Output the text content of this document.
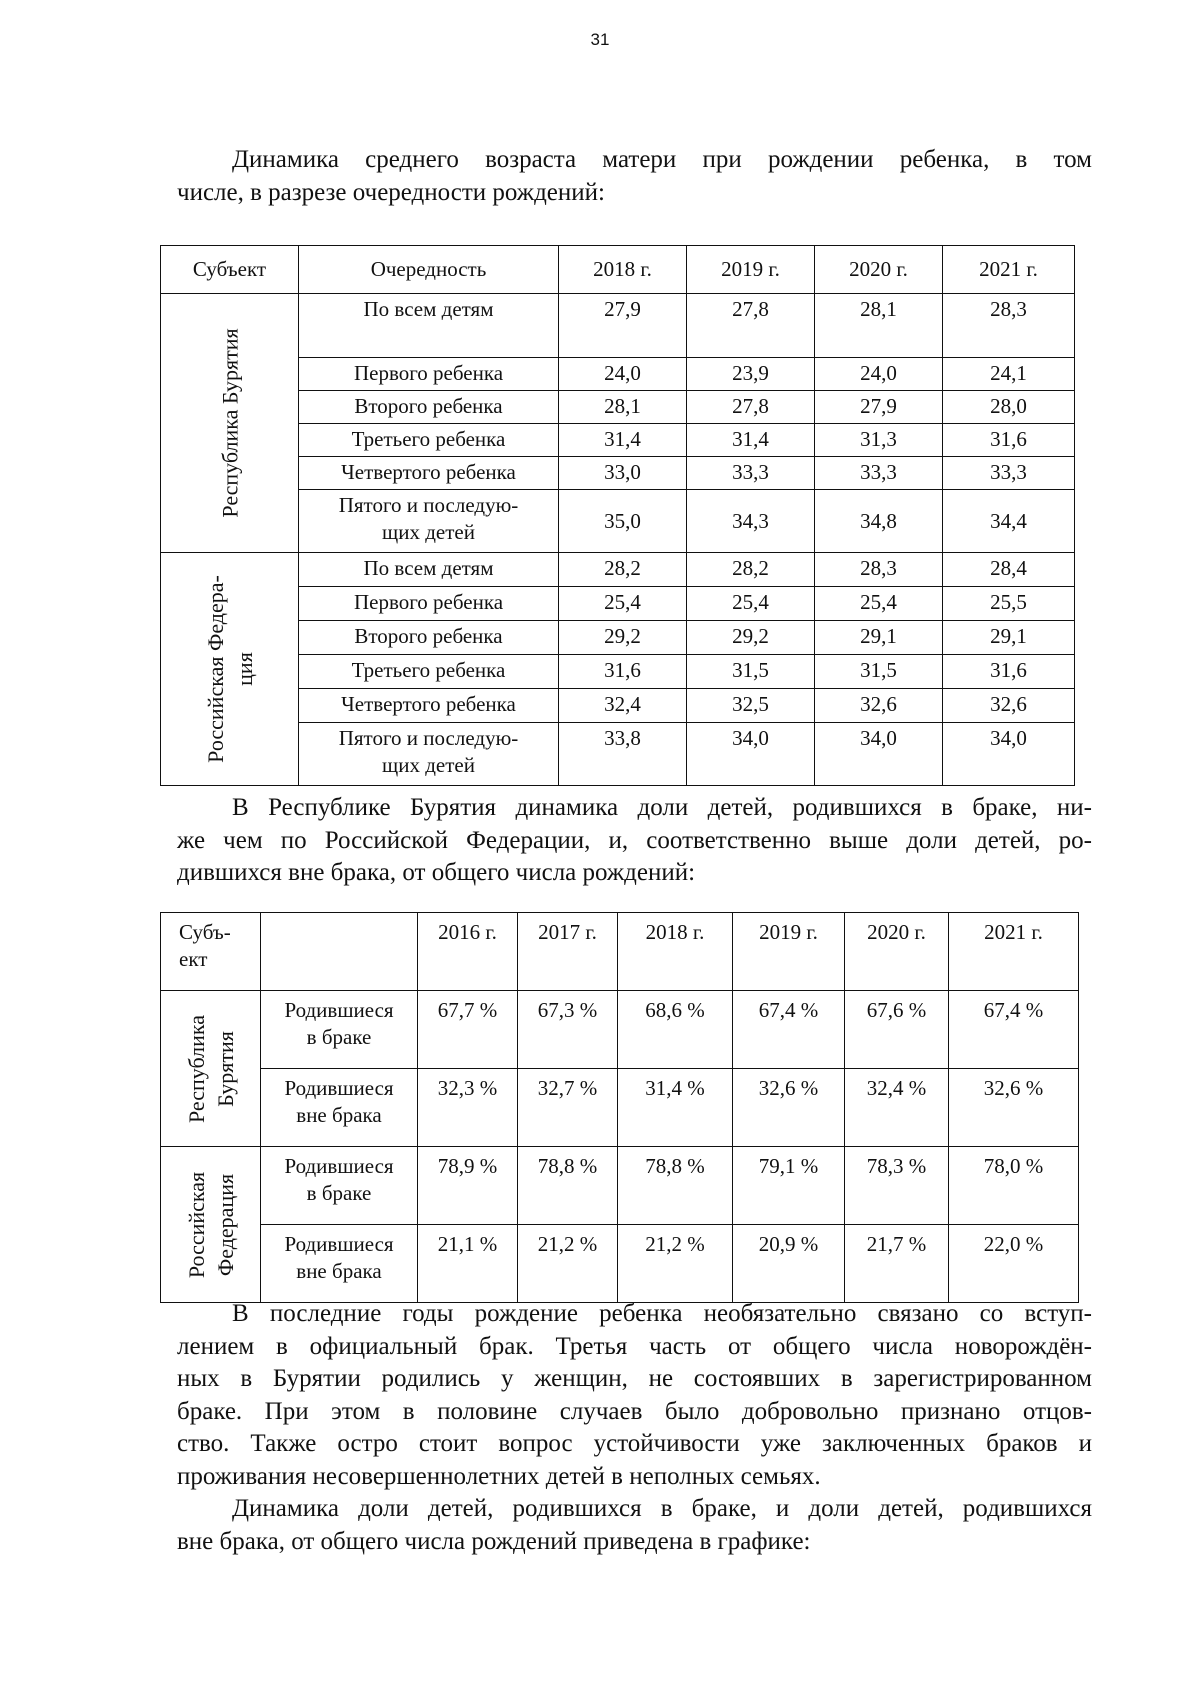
31

Динамика среднего возраста матери при рождении ребенка, в том
числе, в разрезе очередности рождений:

Субъект	Очередность	2018 г.	2019 г.	2020 г.	2021 г.

Республика Бурятия	По всем детям	27,9	27,8	28,1	28,3
	Первого ребенка	24,0	23,9	24,0	24,1
	Второго ребенка	28,1	27,8	27,9	28,0
	Третьего ребенка	31,4	31,4	31,3	31,6
	Четвертого ребенка	33,0	33,3	33,3	33,3
	Пятого и последую-
щих детей	35,0	34,3	34,8	34,4

Российская Федера- ция	По всем детям	28,2	28,2	28,3	28,4
	Первого ребенка	25,4	25,4	25,4	25,5
	Второго ребенка	29,2	29,2	29,1	29,1
	Третьего ребенка	31,6	31,5	31,5	31,6
	Четвертого ребенка	32,4	32,5	32,6	32,6
	Пятого и последую-
щих детей	33,8	34,0	34,0	34,0

В Республике Бурятия динамика доли детей, родившихся в браке, ни-
же чем по Российской Федерации, и, соответственно выше доли детей, ро-
дившихся вне брака, от общего числа рождений:

Субъ-
ект		2016 г.	2017 г.	2018 г.	2019 г.	2020 г.	2021 г.

Республика Бурятия	Родившиеся
в браке	67,7 %	67,3 %	68,6 %	67,4 %	67,6 %	67,4 %
	Родившиеся
вне брака	32,3 %	32,7 %	31,4 %	32,6 %	32,4 %	32,6 %

Российская Федерация	Родившиеся
в браке	78,9 %	78,8 %	78,8 %	79,1 %	78,3 %	78,0 %
	Родившиеся
вне брака	21,1 %	21,2 %	21,2 %	20,9 %	21,7 %	22,0 %

В последние годы рождение ребенка необязательно связано со вступ-
лением в официальный брак. Третья часть от общего числа новорождён-
ных в Бурятии родились у женщин, не состоявших в зарегистрированном
браке. При этом в половине случаев было добровольно признано отцов-
ство. Также остро стоит вопрос устойчивости уже заключенных браков и
проживания несовершеннолетних детей в неполных семьях.

Динамика доли детей, родившихся в браке, и доли детей, родившихся
вне брака, от общего числа рождений приведена в графике:
